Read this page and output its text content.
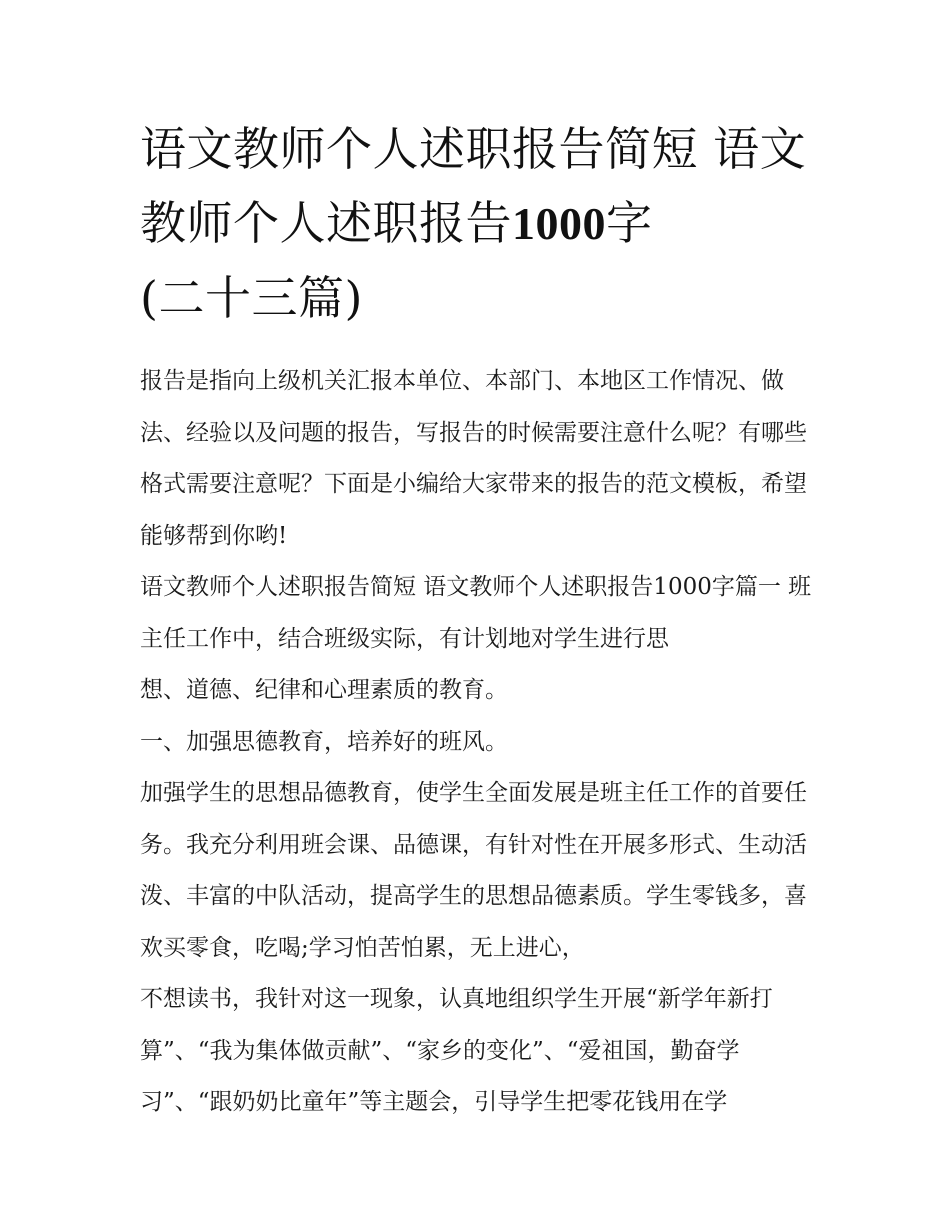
语文教师个人述职报告简短 语文教师个人述职报告1000字
(二十三篇)

报告是指向上级机关汇报本单位、本部门、本地区工作情况、做法、经验以及问题的报告，写报告的时候需要注意什么呢？有哪些格式需要注意呢？下面是小编给大家带来的报告的范文模板，希望能够帮到你哟!

语文教师个人述职报告简短 语文教师个人述职报告1000字篇一 班主任工作中，结合班级实际，有计划地对学生进行思

想、道德、纪律和心理素质的教育。

一、加强思德教育，培养好的班风。

加强学生的思想品德教育，使学生全面发展是班主任工作的首要任务。我充分利用班会课、品德课，有针对性在开展多形式、生动活泼、丰富的中队活动，提高学生的思想品德素质。学生零钱多，喜欢买零食，吃喝;学习怕苦怕累，无上进心，

不想读书，我针对这一现象，认真地组织学生开展“新学年新打算”、“我为集体做贡献”、“家乡的变化”、“爱祖国，勤奋学习”、“跟奶奶比童年”等主题会，引导学生把零花钱用在学
